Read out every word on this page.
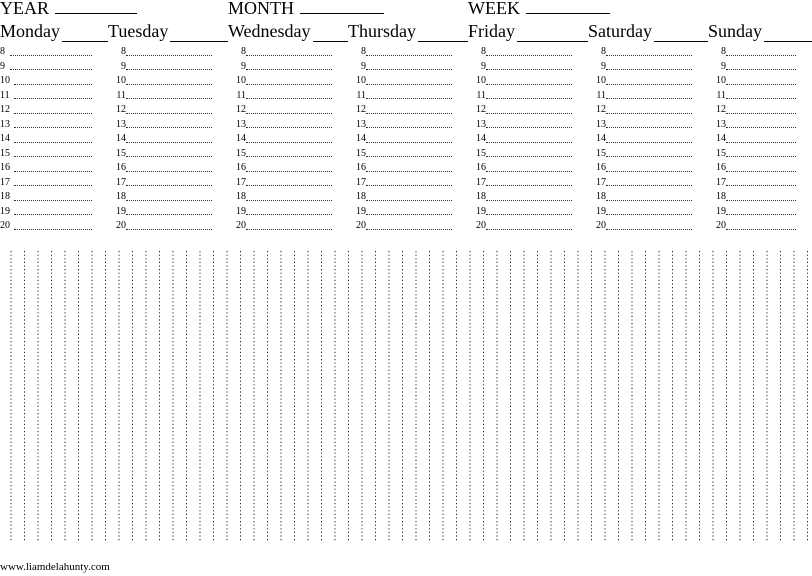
YEAR	MONTH	WEEK
Monday
8
9
10
11
12
13
14
15
16
17
18
19
20
Tuesday
8
9
10
11
12
13
14
15
16
17
18
19
20
Wednesday
8
9
10
11
12
13
14
15
16
17
18
19
20
Thursday
8
9
10
11
12
13
14
15
16
17
18
19
20
Friday
8
9
10
11
12
13
14
15
16
17
18
19
20
Saturday
8
9
10
11
12
13
14
15
16
17
18
19
20
Sunday
8
9
10
11
12
13
14
15
16
17
18
19
20
www.liamdelahunty.com
